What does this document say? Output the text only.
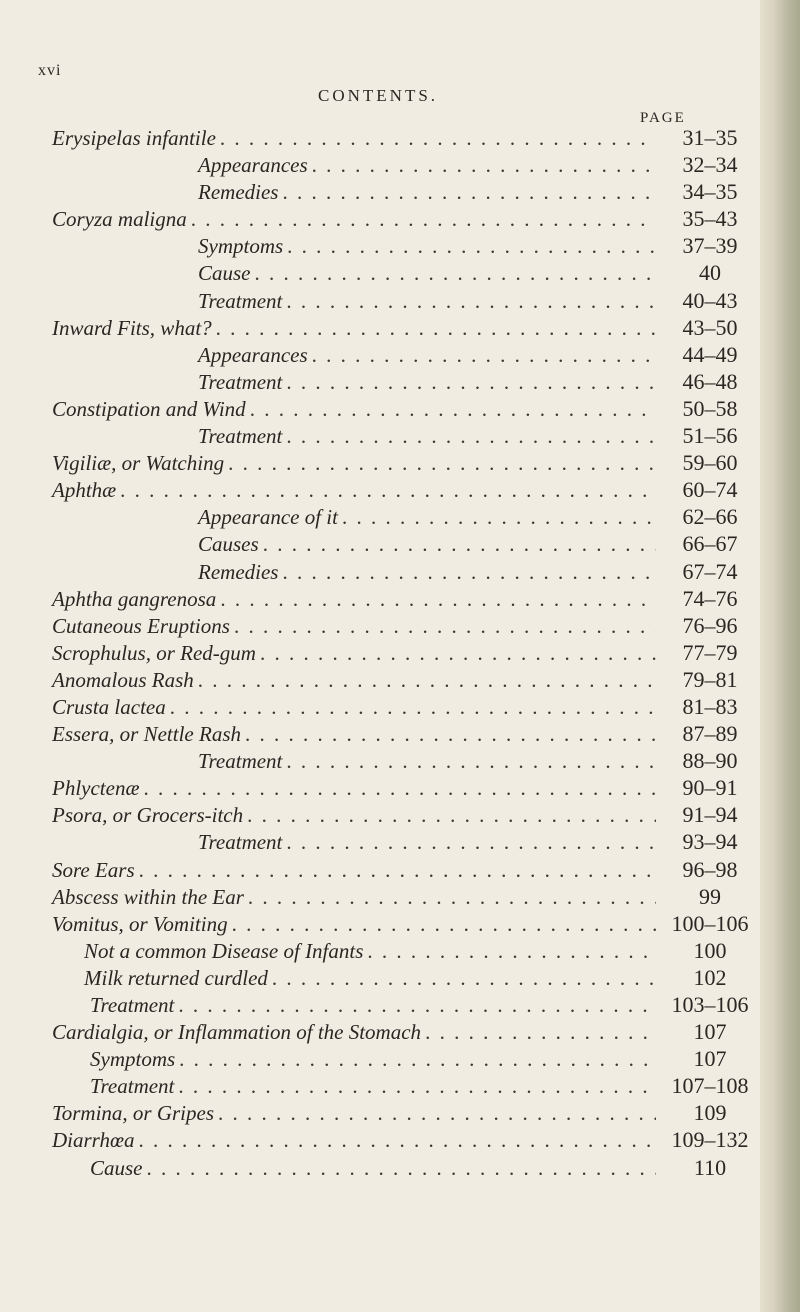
xvi
CONTENTS.
PAGE
Erysipelas infantile . . .	31–35
Appearances . . .	32–34
Remedies . . .	34–35
Coryza maligna . . .	35–43
Symptoms . . .	37–39
Cause . . .	40
Treatment . . .	40–43
Inward Fits, what? . . .	43–50
Appearances . . .	44–49
Treatment . . .	46–48
Constipation and Wind . . .	50–58
Treatment . . .	51–56
Vigiliæ, or Watching . . .	59–60
Aphthæ . . .	60–74
Appearance of it . . .	62–66
Causes . . .	66–67
Remedies . . .	67–74
Aphtha gangrenosa . . .	74–76
Cutaneous Eruptions . . .	76–96
Scrophulus, or Red-gum . . .	77–79
Anomalous Rash . . .	79–81
Crusta lactea . . .	81–83
Essera, or Nettle Rash . . .	87–89
Treatment . . .	88–90
Phlyctenæ . . .	90–91
Psora, or Grocers-itch . . .	91–94
Treatment . . .	93–94
Sore Ears . . .	96–98
Abscess within the Ear . . .	99
Vomitus, or Vomiting . . .	100–106
Not a common Disease of Infants . . .	100
Milk returned curdled . . .	102
Treatment . . .	103–106
Cardialgia, or Inflammation of the Stomach . . .	107
Symptoms . . .	107
Treatment . . .	107–108
Tormina, or Gripes . . .	109
Diarrhœa . . .	109–132
Cause . . .	110
